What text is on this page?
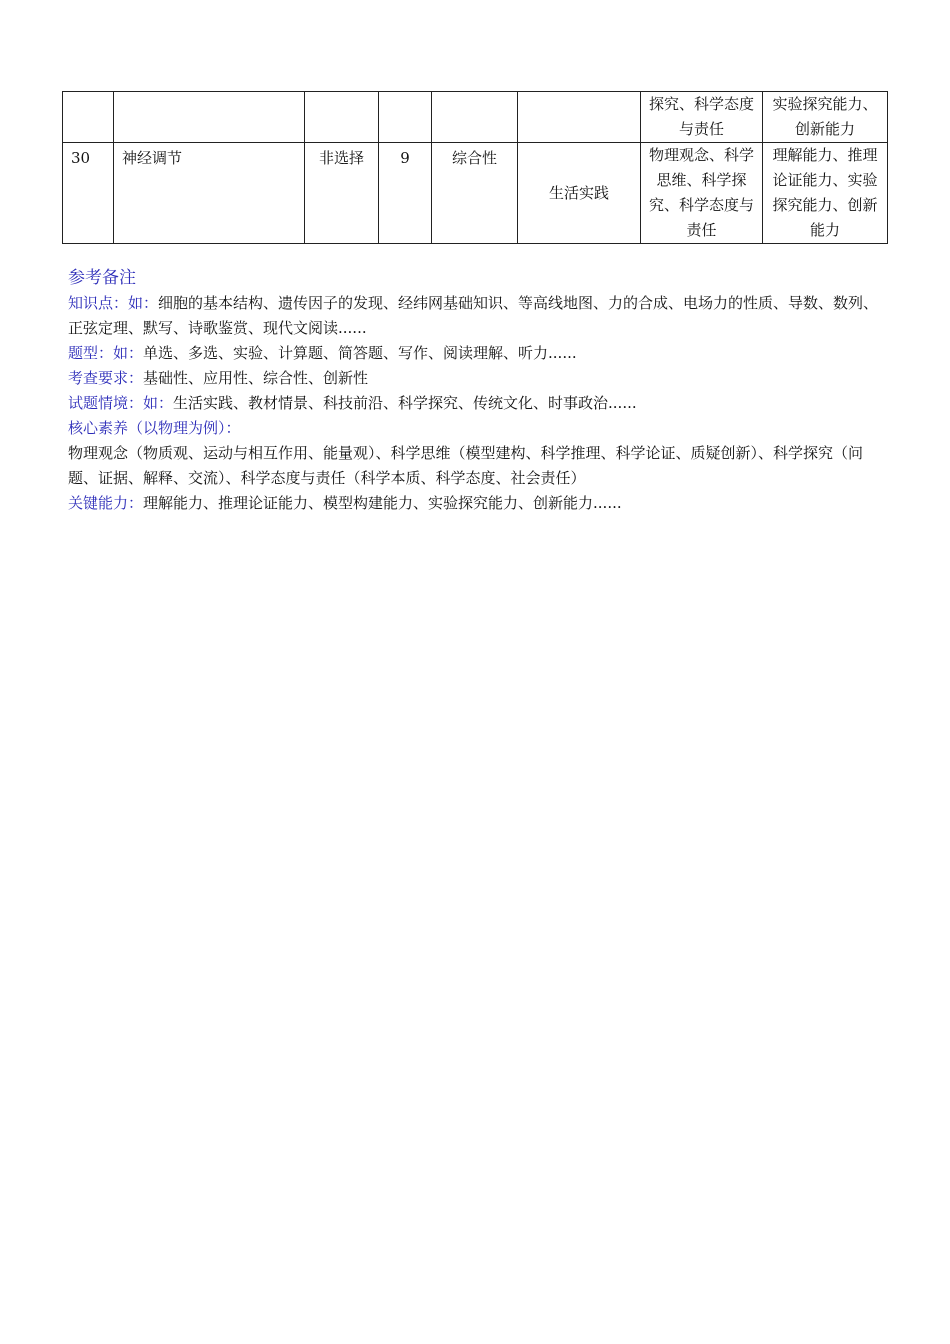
						探究、科学态度与责任	实验探究能力、创新能力

30	神经调节	非选择	9	综合性	生活实践	物理观念、科学思维、科学探究、科学态度与责任	理解能力、推理论证能力、实验探究能力、创新能力

参考备注

知识点：如：细胞的基本结构、遗传因子的发现、经纬网基础知识、等高线地图、力的合成、电场力的性质、导数、数列、正弦定理、默写、诗歌鉴赏、现代文阅读......

题型：如：单选、多选、实验、计算题、简答题、写作、阅读理解、听力......

考查要求：基础性、应用性、综合性、创新性

试题情境：如：生活实践、教材情景、科技前沿、科学探究、传统文化、时事政治......

核心素养（以物理为例）：

物理观念（物质观、运动与相互作用、能量观）、科学思维（模型建构、科学推理、科学论证、质疑创新）、科学探究（问题、证据、解释、交流）、科学态度与责任（科学本质、科学态度、社会责任）

关键能力：理解能力、推理论证能力、模型构建能力、实验探究能力、创新能力......
